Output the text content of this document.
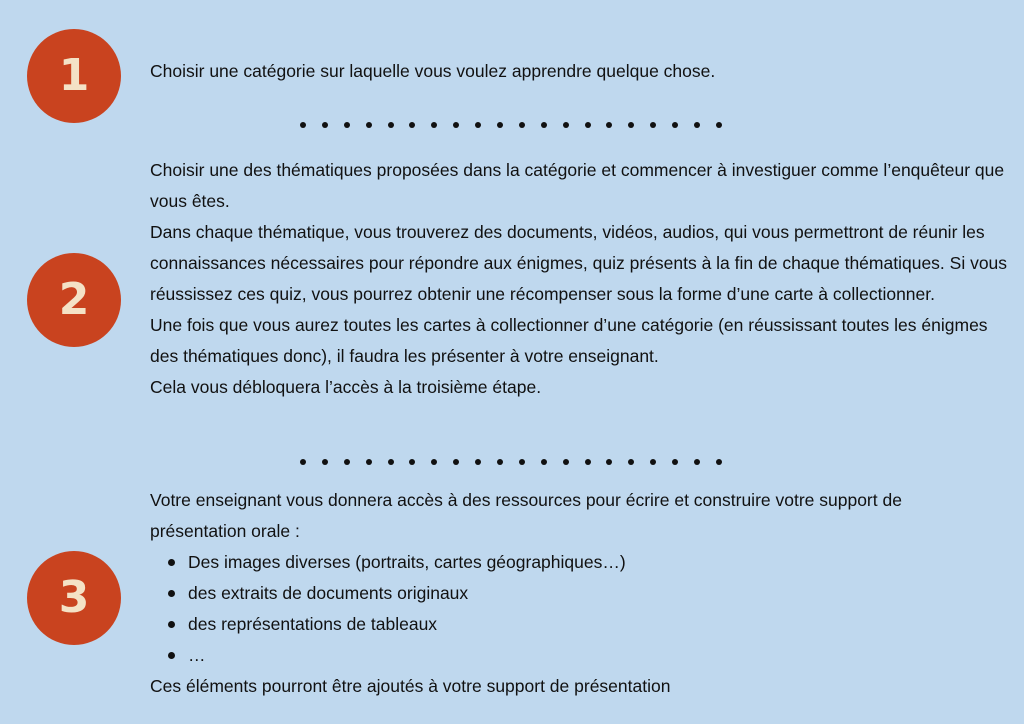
1	Choisir une catégorie sur laquelle vous voulez apprendre quelque chose.

2

Choisir une des thématiques proposées dans la catégorie et commencer à investiguer comme l’enquêteur que vous êtes.

Dans chaque thématique, vous trouverez des documents, vidéos, audios, qui vous permettront de réunir les connaissances nécessaires pour répondre aux énigmes, quiz présents à la fin de chaque thématiques. Si vous réussissez ces quiz, vous pourrez obtenir une récompenser sous la forme d’une carte à collectionner.

Une fois que vous aurez toutes les cartes à collectionner d’une catégorie (en réussissant toutes les énigmes des thématiques donc), il faudra les présenter à votre enseignant.

Cela vous débloquera l’accès à la troisième étape.

3

Votre enseignant vous donnera accès à des ressources pour écrire et construire votre support de présentation orale :

Des images diverses (portraits, cartes géographiques…)
des extraits de documents originaux
des représentations de tableaux
…

Ces éléments pourront être ajoutés à votre support de présentation
